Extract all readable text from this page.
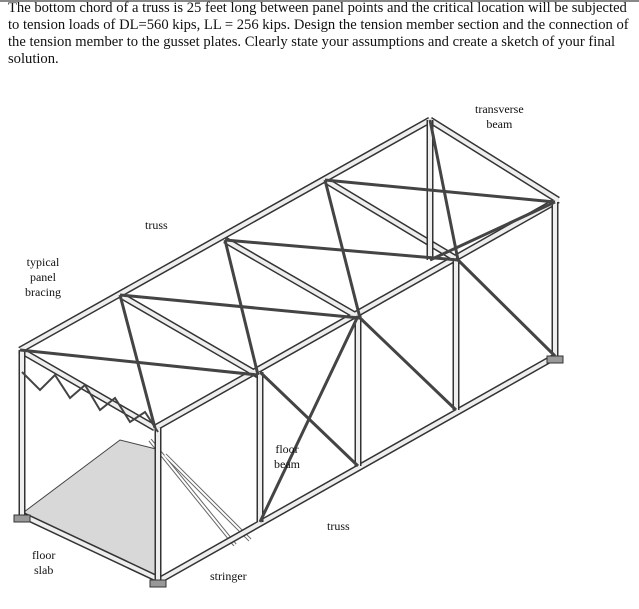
The bottom chord of a truss is 25 feet long between panel points and the critical location will be subjected to tension loads of DL=560 kips, LL = 256 kips. Design the tension member section and the connection of the tension member to the gusset plates. Clearly state your assumptions and create a sketch of your final solution.
transverse
beam
truss
typical
panel
bracing
floor
beam
truss
floor
slab	stringer
